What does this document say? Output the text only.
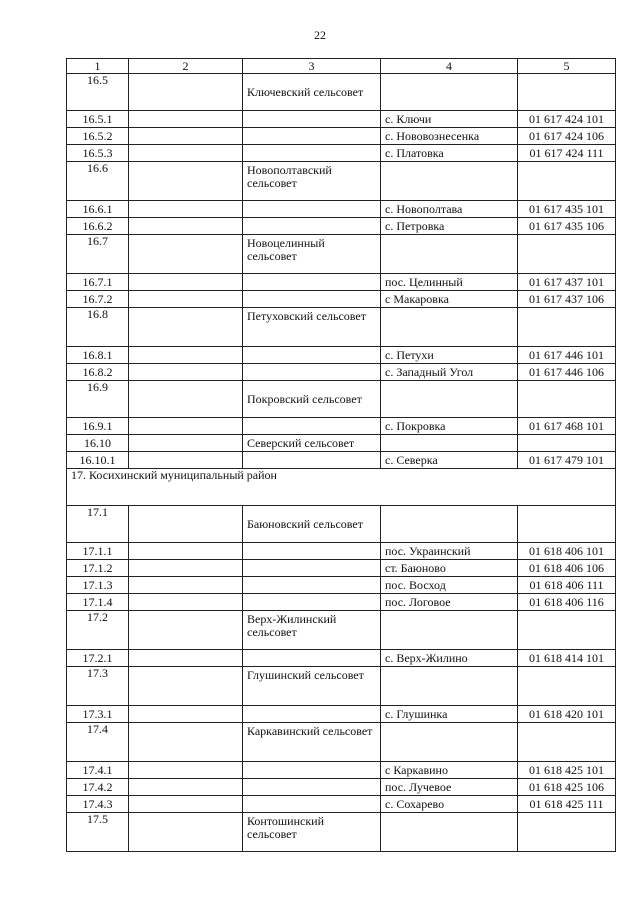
22
1	2	3	4	5
16.5		Ключевский сельсовет		
16.5.1			с. Ключи	01 617 424 101
16.5.2			с. Нововознесенка	01 617 424 106
16.5.3			с. Платовка	01 617 424 111
16.6		Новополтавский сельсовет		
16.6.1			с. Новополтава	01 617 435 101
16.6.2			с. Петровка	01 617 435 106
16.7		Новоцелинный сельсовет		
16.7.1			пос. Целинный	01 617 437 101
16.7.2			с Макаровка	01 617 437 106
16.8		Петуховский сельсовет		
16.8.1			с. Петухи	01 617 446 101
16.8.2			с. Западный Угол	01 617 446 106
16.9		Покровский сельсовет		
16.9.1			с. Покровка	01 617 468 101
16.10		Северский сельсовет		
16.10.1			с. Северка	01 617 479 101
17. Косихинский муниципальный район				
17.1		Баюновский сельсовет		
17.1.1			пос. Украинский	01 618 406 101
17.1.2			ст. Баюново	01 618 406 106
17.1.3			пос. Восход	01 618 406 111
17.1.4			пос. Логовое	01 618 406 116
17.2		Верх-Жилинский сельсовет		
17.2.1			с. Верх-Жилино	01 618 414 101
17.3		Глушинский сельсовет		
17.3.1			с. Глушинка	01 618 420 101
17.4		Каркавинский сельсовет		
17.4.1			с Каркавино	01 618 425 101
17.4.2			пос. Лучевое	01 618 425 106
17.4.3			с. Сохарево	01 618 425 111
17.5		Контошинский сельсовет		
